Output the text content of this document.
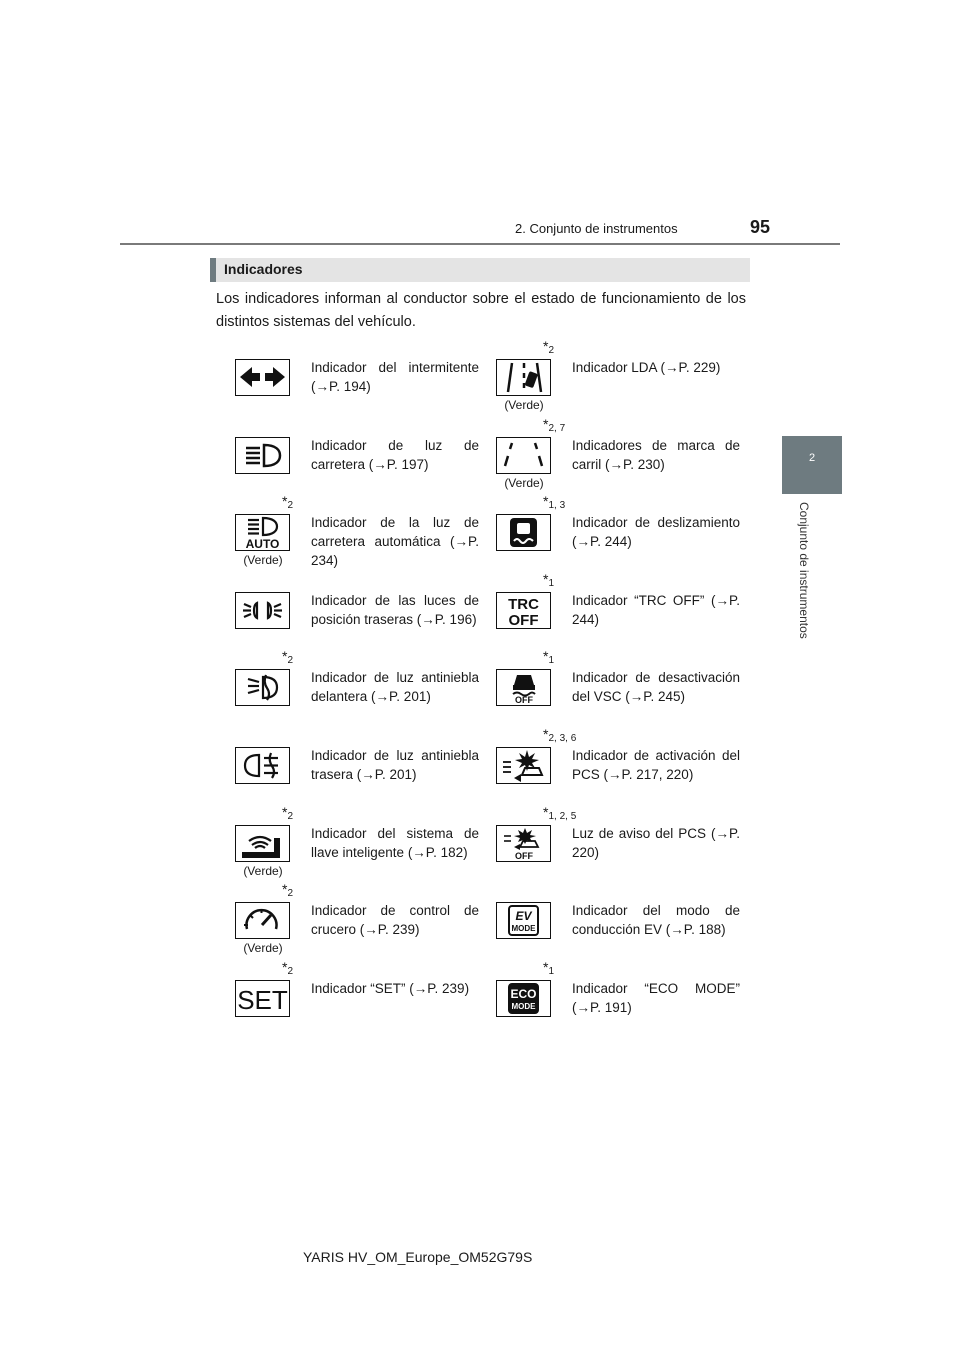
2. Conjunto de instrumentos	95
2
Conjunto de instrumentos
Indicadores

Los indicadores informan al conductor sobre el estado de funcionamiento de los distintos sistemas del vehículo.

Indicador del intermitente (→P. 194)
Indicador de luz de carretera (→P. 197)
$*_2$
AUTO
(Verde)
Indicador de la luz de carretera automática (→P. 234)
Indicador de las luces de posición traseras (→P. 196)
$*_2$
Indicador de luz antiniebla delantera (→P. 201)
Indicador de luz antiniebla trasera (→P. 201)
$*_2$
(Verde)
Indicador del sistema de llave inteligente (→P. 182)
$*_2$
(Verde)
Indicador de control de crucero (→P. 239)
$*_2$
SET Indicador “SET” (→P. 239)
$*_2$
(Verde)
Indicador LDA (→P. 229)
$*_{2, 7}$
(Verde)
Indicadores de marca de carril (→P. 230)
$*_{1, 3}$
Indicador de deslizamiento (→P. 244)
$*_1$
TRC
OFF
Indicador “TRC OFF” (→P. 244)
$*_1$
OFF
Indicador de desactivación del VSC (→P. 245)
$*_{2, 3, 6}$
Indicador de activación del PCS (→P. 217, 220)
$*_{1, 2, 5}$
OFF
Luz de aviso del PCS (→P. 220)
EV
MODE
Indicador del modo de conducción EV (→P. 188)
$*_1$
ECO
MODE
Indicador “ECO MODE” (→P. 191)
YARIS HV_OM_Europe_OM52G79S
